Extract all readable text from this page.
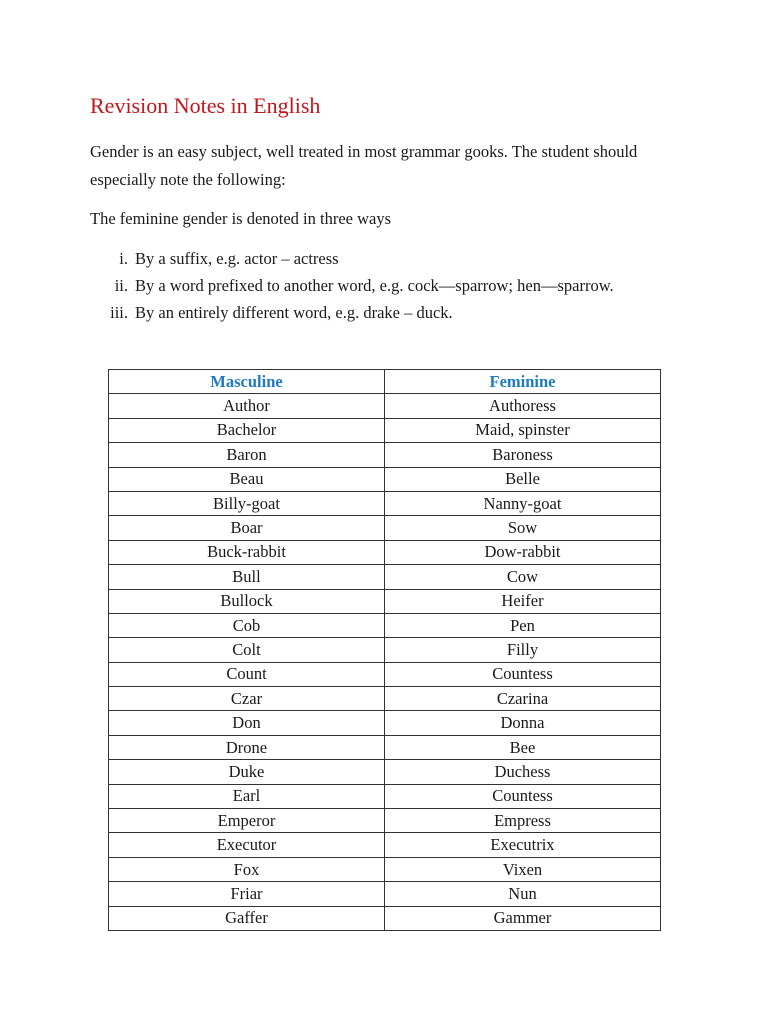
Revision Notes in English

Gender is an easy subject, well treated in most grammar gooks. The student should especially note the following:

The feminine gender is denoted in three ways

i. By a suffix, e.g. actor – actress
ii. By a word prefixed to another word, e.g. cock—sparrow; hen—sparrow.
iii. By an entirely different word, e.g. drake – duck.
Masculine	Feminine
Author	Authoress
Bachelor	Maid, spinster
Baron	Baroness
Beau	Belle
Billy-goat	Nanny-goat
Boar	Sow
Buck-rabbit	Dow-rabbit
Bull	Cow
Bullock	Heifer
Cob	Pen
Colt	Filly
Count	Countess
Czar	Czarina
Don	Donna
Drone	Bee
Duke	Duchess
Earl	Countess
Emperor	Empress
Executor	Executrix
Fox	Vixen
Friar	Nun
Gaffer	Gammer
